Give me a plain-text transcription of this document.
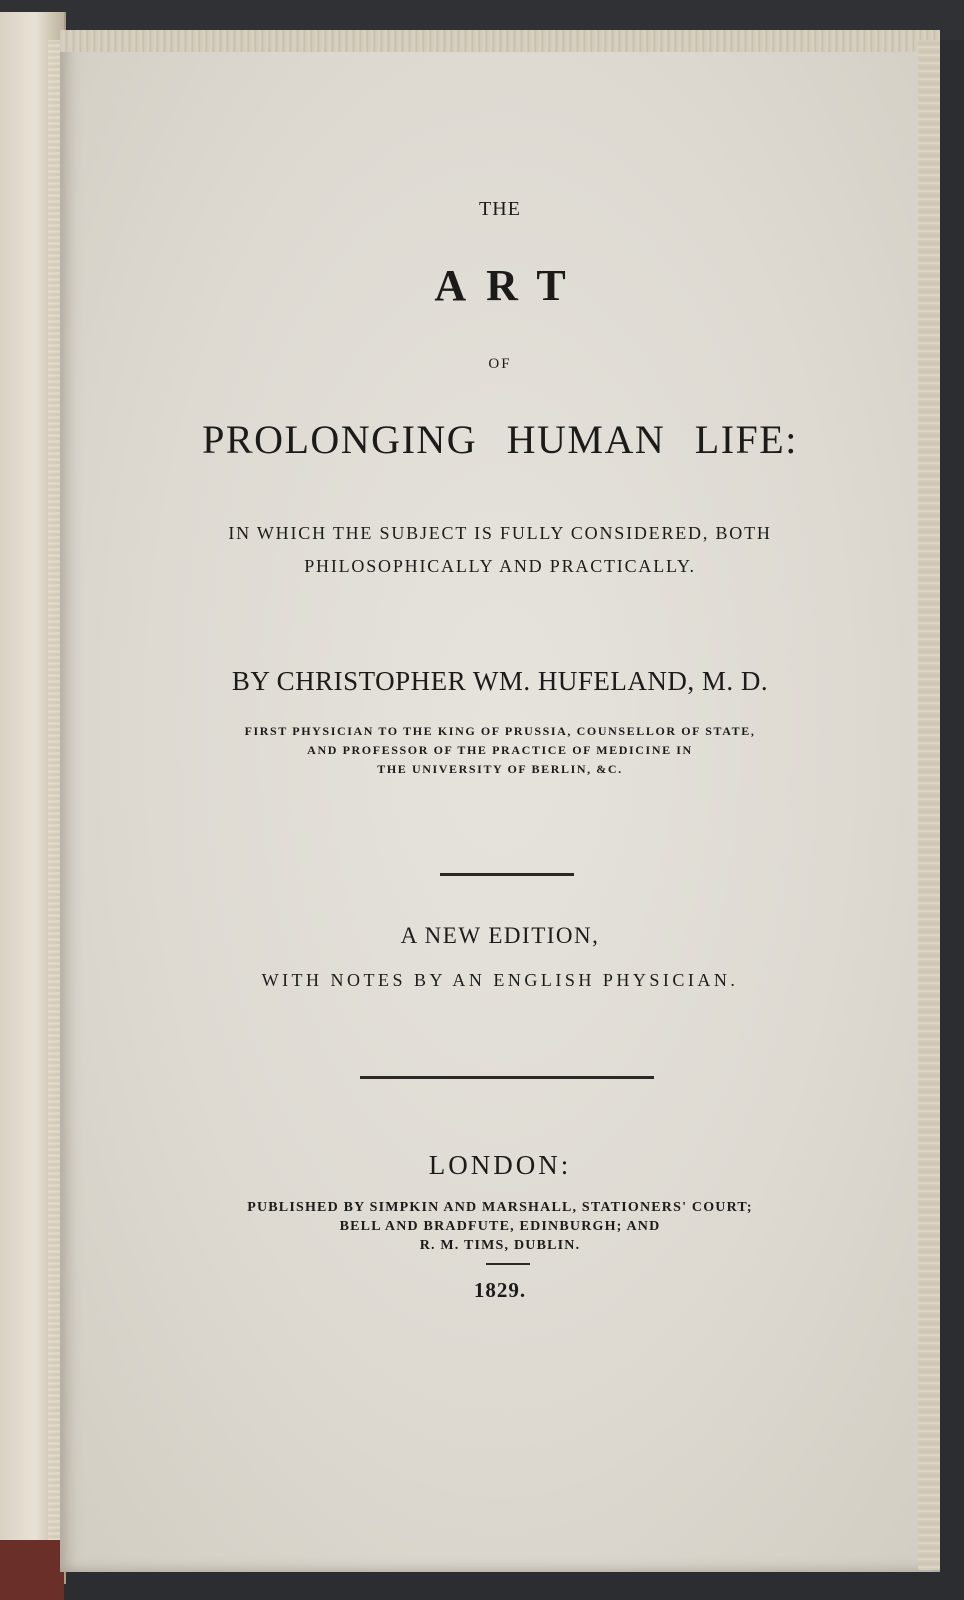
THE
ART
OF
PROLONGING HUMAN LIFE:
IN WHICH THE SUBJECT IS FULLY CONSIDERED, BOTH
PHILOSOPHICALLY AND PRACTICALLY.
BY CHRISTOPHER WM. HUFELAND, M. D.
FIRST PHYSICIAN TO THE KING OF PRUSSIA, COUNSELLOR OF STATE,
AND PROFESSOR OF THE PRACTICE OF MEDICINE IN
THE UNIVERSITY OF BERLIN, &C.
A NEW EDITION,
WITH NOTES BY AN ENGLISH PHYSICIAN.
LONDON:
PUBLISHED BY SIMPKIN AND MARSHALL, STATIONERS' COURT;
BELL AND BRADFUTE, EDINBURGH; AND
R. M. TIMS, DUBLIN.
1829.
